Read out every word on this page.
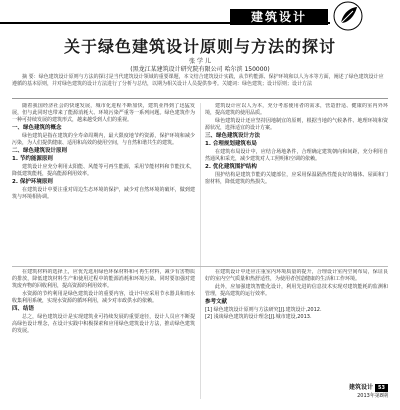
建筑设计
关于绿色建筑设计原则与方法的探讨
张 学 儿
(黑龙江某建筑设计研究院有限公司 哈尔滨 150000)
摘 要：绿色建筑设计原则与方法的探讨是当代建筑设计领域的重要课题，本文结合建筑设计实践，从节约能源、保护环境和以人为本等方面，阐述了绿色建筑设计应遵循的基本原则，并对绿色建筑的设计方法进行了分析与总结，以期为相关设计人员提供参考。关键词：绿色建筑；设计原则；设计方法

随着我国经济社会的快速发展，城市化进程不断加快，建筑业得到了迅猛发展，但与此同时也带来了能源消耗大、环境污染严重等一系列问题。绿色建筑作为一种可持续发展的建筑形式，越来越受到人们的重视。

一、绿色建筑的概念

绿色建筑是指在建筑的全寿命周期内，最大限度地节约资源，保护环境和减少污染，为人们提供健康、适用和高效的使用空间，与自然和谐共生的建筑。

二、绿色建筑设计原则
1. 节约能源原则

建筑设计应充分利用太阳能、风能等可再生能源，采用节能材料和节能技术，降低建筑能耗，提高能源利用效率。

2. 保护环境原则

在建筑设计中要注重对周边生态环境的保护，减少对自然环境的破坏，做到建筑与环境相协调。

建筑设计应以人为本，充分考虑使用者的需求，营造舒适、健康的室内外环境，提高建筑的使用品质。

绿色建筑设计还应坚持因地制宜的原则，根据当地的气候条件、地理环境和资源状况，选择适宜的设计方案。

三、绿色建筑设计方法
1. 合理规划建筑布局

在建筑布局设计中，应结合场地条件，合理确定建筑朝向和间距，充分利用自然通风和采光，减少建筑对人工照明和空调的依赖。

2. 优化建筑围护结构

围护结构是建筑节能的关键部位，应采用保温隔热性能良好的墙体、屋面和门窗材料，降低建筑的热损失。

在建筑材料的选择上，应优先选用绿色环保材料和可再生材料，减少有害物质的排放，降低建筑材料生产和使用过程中的能源消耗和环境污染。同时要加强对建筑废弃物的回收利用，提高资源的利用效率。

水资源的节约利用是绿色建筑设计的重要内容，设计中应采用节水器具和雨水收集利用系统，实现水资源的循环利用，减少对市政供水的依赖。

四、结语

总之，绿色建筑设计是实现建筑业可持续发展的重要途径，设计人员应不断提高绿色设计理念，在设计实践中积极探索和应用绿色建筑设计方法，推动绿色建筑的发展。

在建筑设计中还应注重室内环境质量的提升，合理设计室内空间布局，保证良好的室内空气质量和热舒适性，为使用者创造健康的生活和工作环境。

此外，应加强建筑智能化设计，利用先进的信息技术实现对建筑能耗的监测和管理，提高建筑的运行效率。

参考文献
[1] 绿色建筑设计原则与方法研究[J].建筑设计,2012.
[2] 浅谈绿色建筑的设计理念[J].城市建设,2013.
建筑设计 53
2013年第8期
